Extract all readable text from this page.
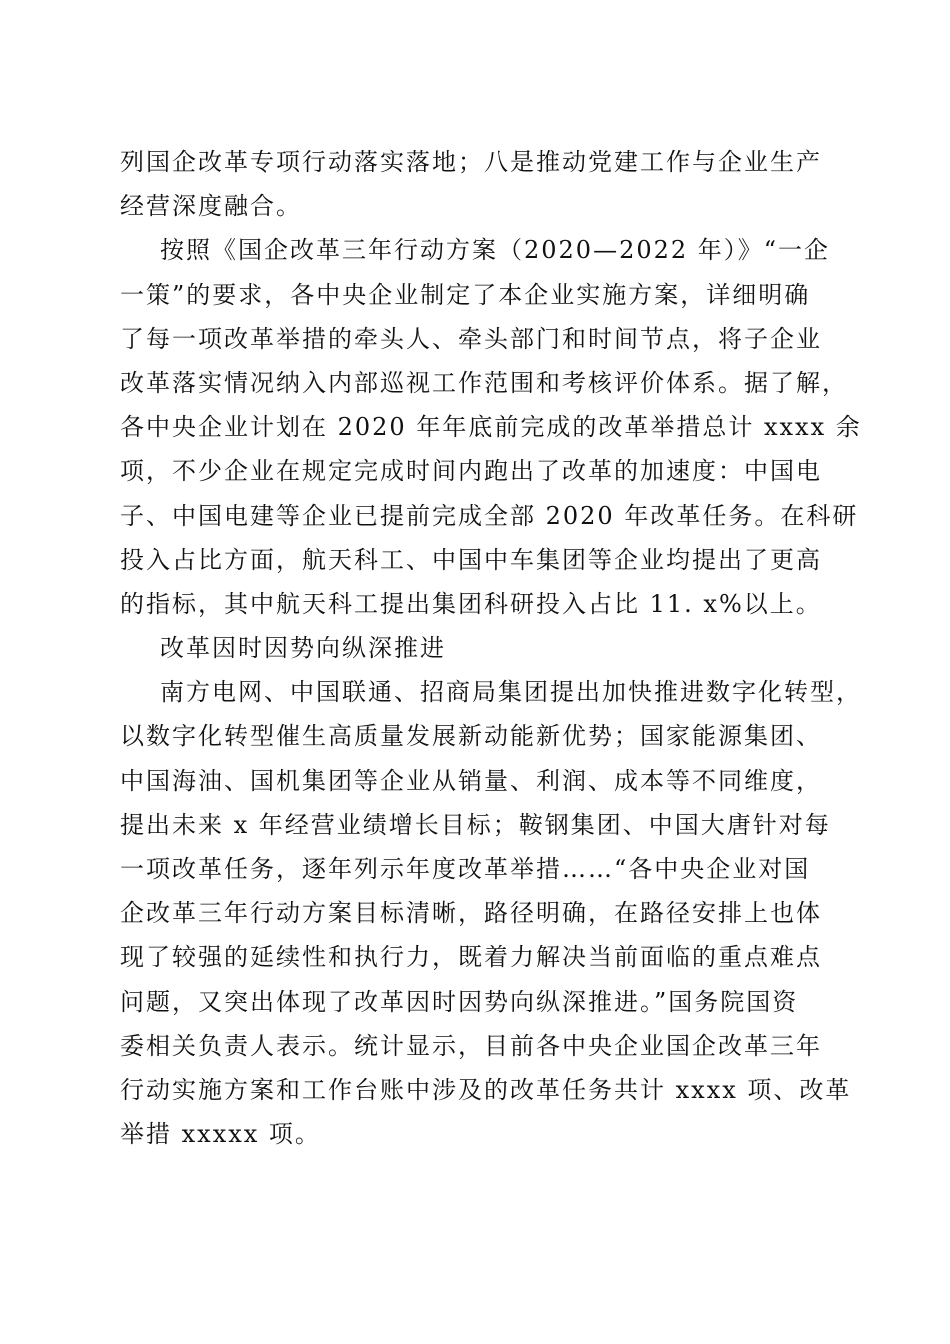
列国企改革专项行动落实落地；八是推动党建工作与企业生产
经营深度融合。
按照《国企改革三年行动方案（2020—2022 年）》“一企
一策”的要求，各中央企业制定了本企业实施方案，详细明确
了每一项改革举措的牵头人、牵头部门和时间节点，将子企业
改革落实情况纳入内部巡视工作范围和考核评价体系。据了解，
各中央企业计划在 2020 年年底前完成的改革举措总计 xxxx 余
项，不少企业在规定完成时间内跑出了改革的加速度：中国电
子、中国电建等企业已提前完成全部 2020 年改革任务。在科研
投入占比方面，航天科工、中国中车集团等企业均提出了更高
的指标，其中航天科工提出集团科研投入占比 11. x%以上。
改革因时因势向纵深推进
南方电网、中国联通、招商局集团提出加快推进数字化转型，
以数字化转型催生高质量发展新动能新优势；国家能源集团、
中国海油、国机集团等企业从销量、利润、成本等不同维度，
提出未来 x 年经营业绩增长目标；鞍钢集团、中国大唐针对每
一项改革任务，逐年列示年度改革举措……“各中央企业对国
企改革三年行动方案目标清晰，路径明确，在路径安排上也体
现了较强的延续性和执行力，既着力解决当前面临的重点难点
问题，又突出体现了改革因时因势向纵深推进。”国务院国资
委相关负责人表示。统计显示，目前各中央企业国企改革三年
行动实施方案和工作台账中涉及的改革任务共计 xxxx 项、改革
举措 xxxxx 项。
